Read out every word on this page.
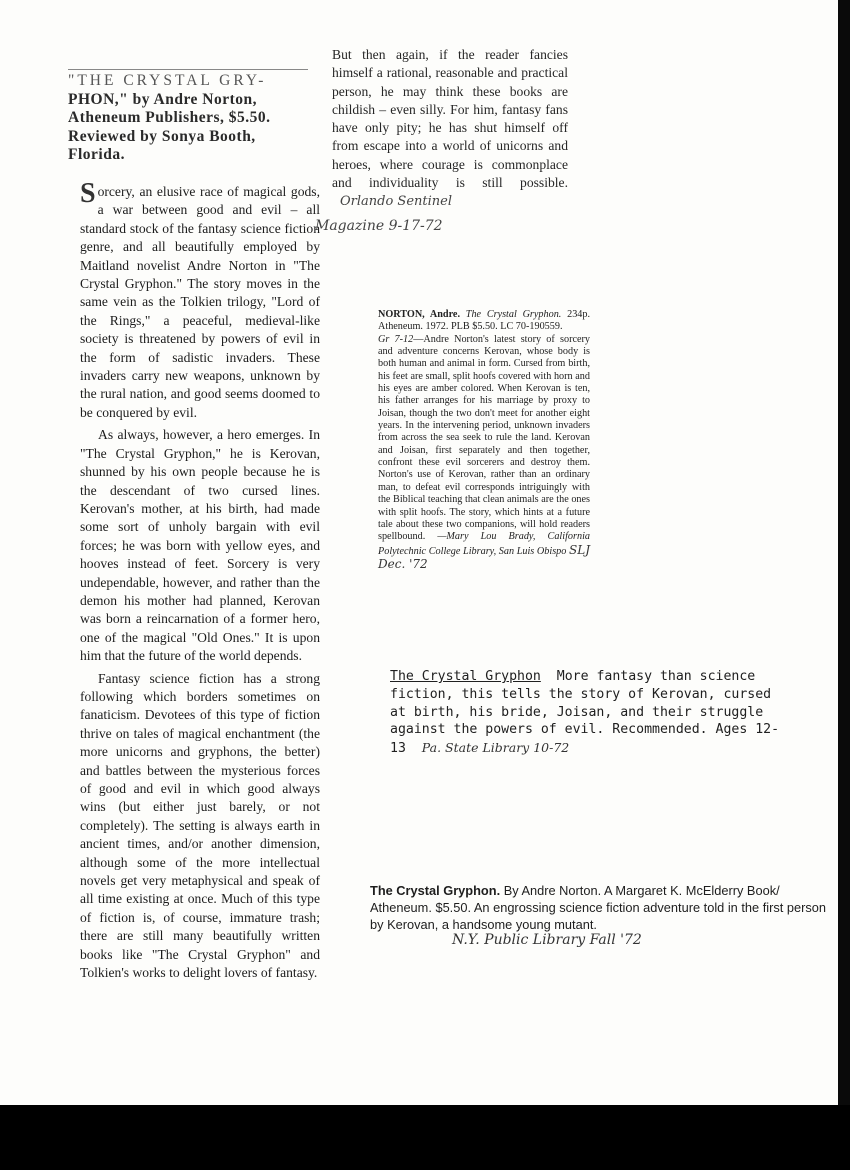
"THE CRYSTAL GRY- PHON," by Andre Norton, Atheneum Publishers, $5.50. Reviewed by Sonya Booth, Florida.

Sorcery, an elusive race of magical gods, a war between good and evil – all standard stock of the fantasy science fiction genre, and all beautifully employed by Maitland novelist Andre Norton in "The Crystal Gryphon." The story moves in the same vein as the Tolkien trilogy, "Lord of the Rings," a peaceful, medieval-like society is threatened by powers of evil in the form of sadistic invaders. These invaders carry new weapons, unknown by the rural nation, and good seems doomed to be conquered by evil.

As always, however, a hero emerges. In "The Crystal Gryphon," he is Kerovan, shunned by his own people because he is the descendant of two cursed lines. Kerovan's mother, at his birth, had made some sort of unholy bargain with evil forces; he was born with yellow eyes, and hooves instead of feet. Sorcery is very undependable, however, and rather than the demon his mother had planned, Kerovan was born a reincarnation of a former hero, one of the magical "Old Ones." It is upon him that the future of the world depends.

Fantasy science fiction has a strong following which borders sometimes on fanaticism. Devotees of this type of fiction thrive on tales of magical enchantment (the more unicorns and gryphons, the better) and battles between the mysterious forces of good and evil in which good always wins (but either just barely, or not completely). The setting is always earth in ancient times, and/or another dimension, although some of the more intellectual novels get very metaphysical and speak of all time existing at once. Much of this type of fiction is, of course, immature trash; there are still many beautifully written books like "The Crystal Gryphon" and Tolkien's works to delight lovers of fantasy.

But then again, if the reader fancies himself a rational, reasonable and practical person, he may think these books are childish – even silly. For him, fantasy fans have only pity; he has shut himself off from escape into a world of unicorns and heroes, where courage is commonplace and individuality is still possible. Orlando Sentinel
Magazine 9-17-72
NORTON, Andre. The Crystal Gryphon. 234p. Atheneum. 1972. PLB $5.50. LC 70-190559.
Gr 7-12—Andre Norton's latest story of sorcery and adventure concerns Kerovan, whose body is both human and animal in form. Cursed from birth, his feet are small, split hoofs covered with horn and his eyes are amber colored. When Kerovan is ten, his father arranges for his marriage by proxy to Joisan, though the two don't meet for another eight years. In the intervening period, unknown invaders from across the sea seek to rule the land. Kerovan and Joisan, first separately and then together, confront these evil sorcerers and destroy them. Norton's use of Kerovan, rather than an ordinary man, to defeat evil corresponds intriguingly with the Biblical teaching that clean animals are the ones with split hoofs. The story, which hints at a future tale about these two companions, will hold readers spellbound. —Mary Lou Brady, California Polytechnic College Library, San Luis Obispo SLJ Dec. '72
The Crystal Gryphon More fantasy than science fiction, this tells the story of Kerovan, cursed at birth, his bride, Joisan, and their struggle against the powers of evil. Recommended. Ages 12-13 Pa. State Library 10-72
The Crystal Gryphon. By Andre Norton. A Margaret K. McElderry Book/ Atheneum. $5.50. An engrossing science fiction adventure told in the first person by Kerovan, a handsome young mutant.
N.Y. Public Library Fall '72
